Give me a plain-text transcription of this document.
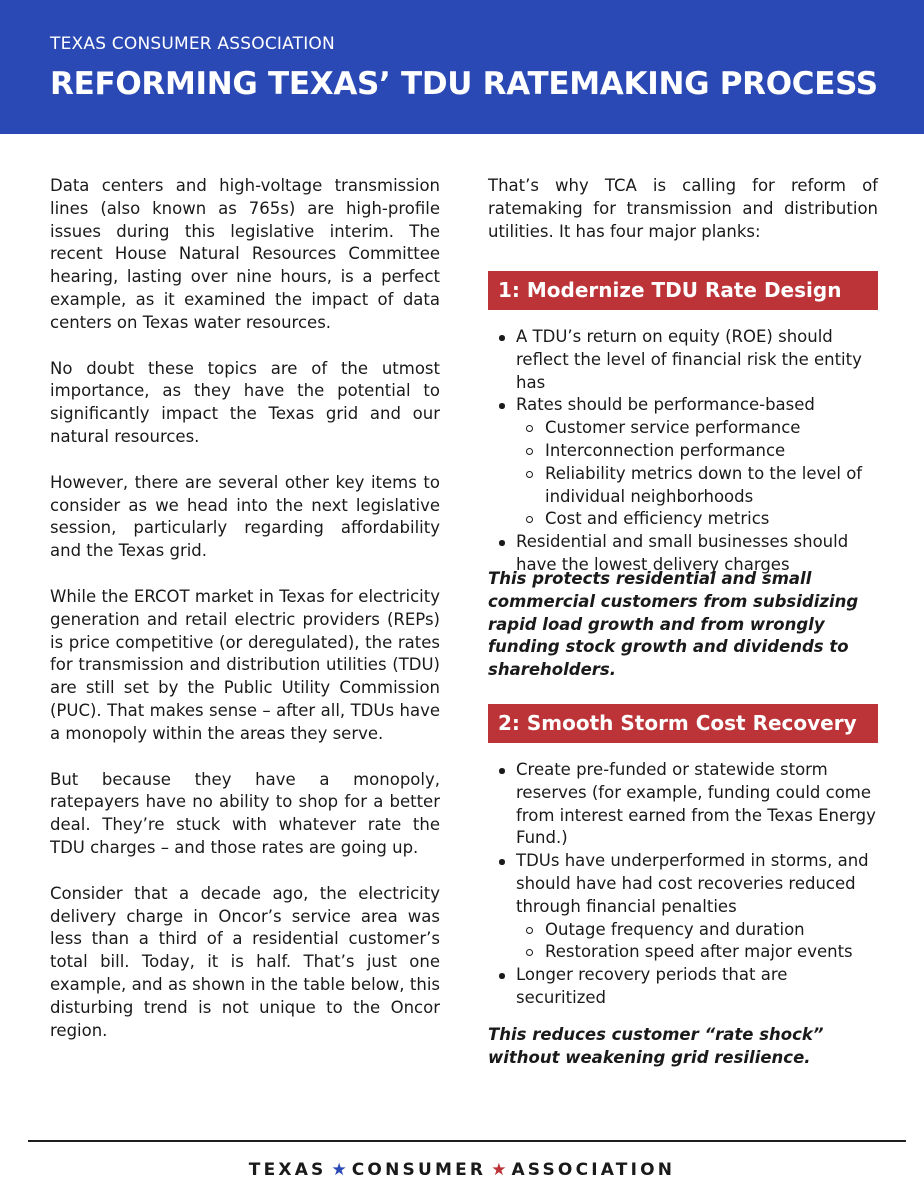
TEXAS CONSUMER ASSOCIATION
REFORMING TEXAS’ TDU RATEMAKING PROCESS

Data centers and high-voltage transmission lines (also known as 765s) are high-profile issues during this legislative interim. The recent House Natural Resources Committee hearing, lasting over nine hours, is a perfect example, as it examined the impact of data centers on Texas water resources.

No doubt these topics are of the utmost importance, as they have the potential to significantly impact the Texas grid and our natural resources.

However, there are several other key items to consider as we head into the next legislative session, particularly regarding affordability and the Texas grid.

While the ERCOT market in Texas for electricity generation and retail electric providers (REPs) is price competitive (or deregulated), the rates for transmission and distribution utilities (TDU) are still set by the Public Utility Commission (PUC). That makes sense – after all, TDUs have a monopoly within the areas they serve.

But because they have a monopoly, ratepayers have no ability to shop for a better deal. They’re stuck with whatever rate the TDU charges – and those rates are going up.

Consider that a decade ago, the electricity delivery charge in Oncor’s service area was less than a third of a residential customer’s total bill. Today, it is half. That’s just one example, and as shown in the table below, this disturbing trend is not unique to the Oncor region.

That’s why TCA is calling for reform of ratemaking for transmission and distribution utilities. It has four major planks:

1: Modernize TDU Rate Design
A TDU’s return on equity (ROE) should reflect the level of financial risk the entity has
Rates should be performance-based
Customer service performance
Interconnection performance
Reliability metrics down to the level of individual neighborhoods
Cost and efficiency metrics
Residential and small businesses should have the lowest delivery charges

This protects residential and small commercial customers from subsidizing rapid load growth and from wrongly funding stock growth and dividends to shareholders.

2: Smooth Storm Cost Recovery
Create pre-funded or statewide storm reserves (for example, funding could come from interest earned from the Texas Energy Fund.)
TDUs have underperformed in storms, and should have had cost recoveries reduced through financial penalties
Outage frequency and duration
Restoration speed after major events
Longer recovery periods that are securitized

This reduces customer “rate shock” without weakening grid resilience.

TEXAS ★ CONSUMER ★ ASSOCIATION
